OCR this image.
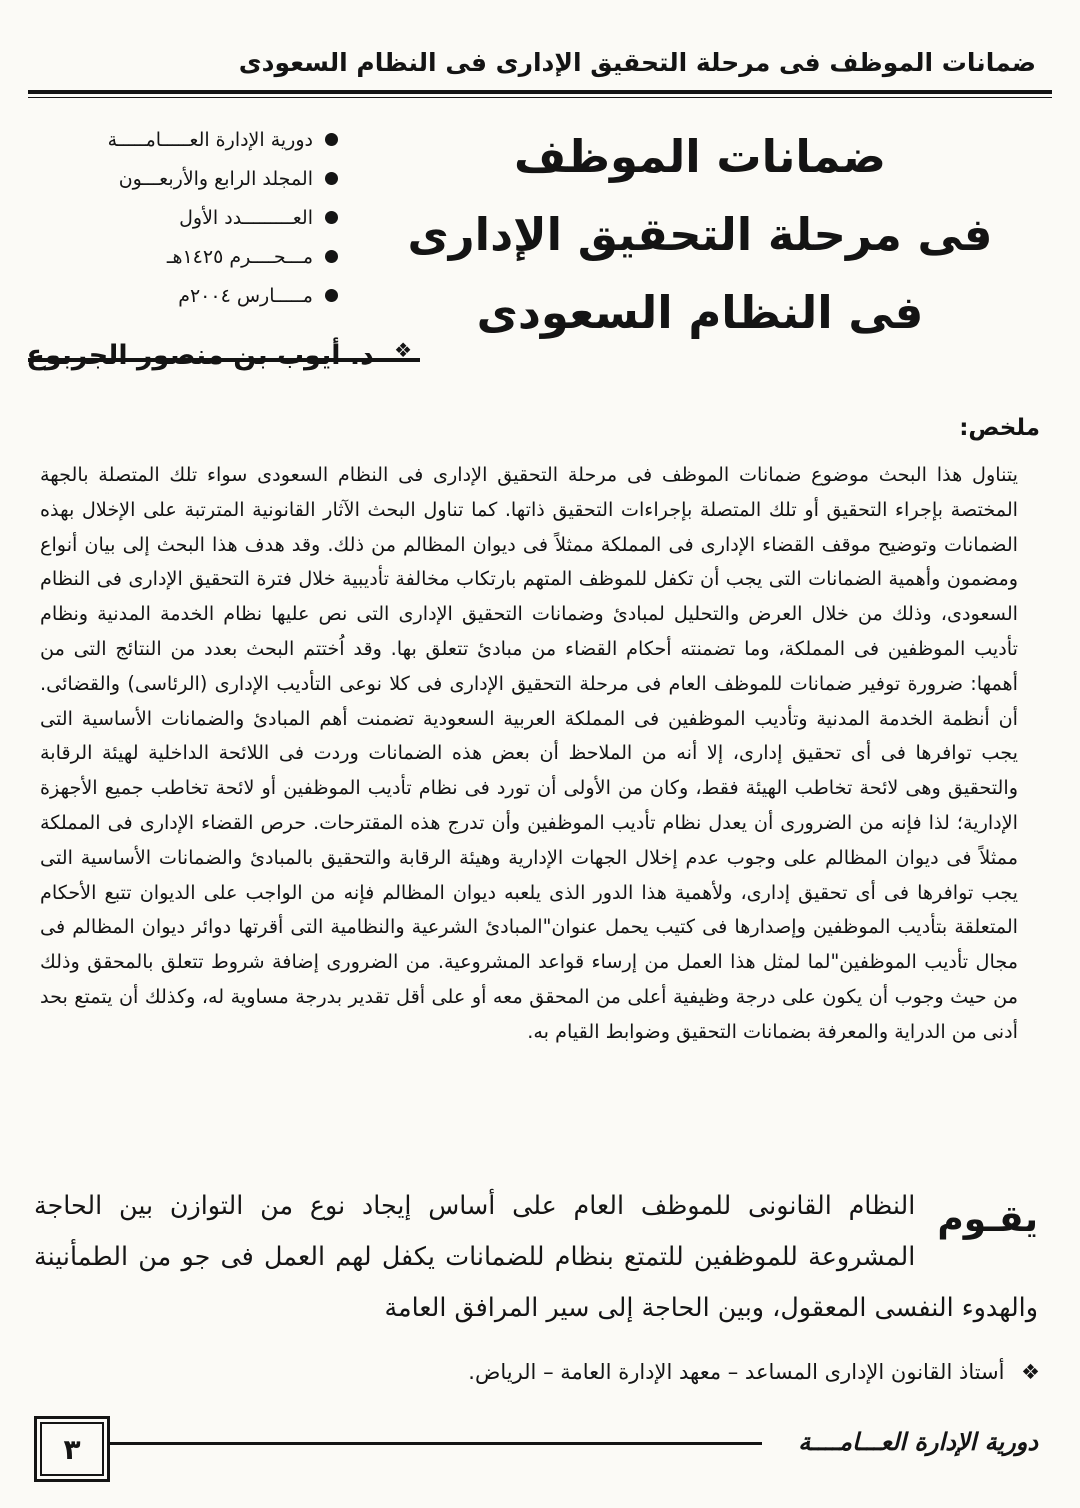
ضمانات الموظف فى مرحلة التحقيق الإدارى فى النظام السعودى
دورية الإدارة العـــــامـــــة
المجلد الرابع والأربعـــون
العـــــــــدد الأول
مـــحــــرم ١٤٢٥هـ
مـــــارس ٢٠٠٤م
ضمانات الموظف
فى مرحلة التحقيق الإدارى
فى النظام السعودى
❖
د. أيوب بن منصور الجربوع
ملخص:
يتناول هذا البحث موضوع ضمانات الموظف فى مرحلة التحقيق الإدارى فى النظام السعودى سواء تلك المتصلة بالجهة المختصة بإجراء التحقيق أو تلك المتصلة بإجراءات التحقيق ذاتها. كما تناول البحث الآثار القانونية المترتبة على الإخلال بهذه الضمانات وتوضيح موقف القضاء الإدارى فى المملكة ممثلاً فى ديوان المظالم من ذلك. وقد هدف هذا البحث إلى بيان أنواع ومضمون وأهمية الضمانات التى يجب أن تكفل للموظف المتهم بارتكاب مخالفة تأديبية خلال فترة التحقيق الإدارى فى النظام السعودى، وذلك من خلال العرض والتحليل لمبادئ وضمانات التحقيق الإدارى التى نص عليها نظام الخدمة المدنية ونظام تأديب الموظفين فى المملكة، وما تضمنته أحكام القضاء من مبادئ تتعلق بها. وقد اُختتم البحث بعدد من النتائج التى من أهمها: ضرورة توفير ضمانات للموظف العام فى مرحلة التحقيق الإدارى فى كلا نوعى التأديب الإدارى (الرئاسى) والقضائى. أن أنظمة الخدمة المدنية وتأديب الموظفين فى المملكة العربية السعودية تضمنت أهم المبادئ والضمانات الأساسية التى يجب توافرها فى أى تحقيق إدارى، إلا أنه من الملاحظ أن بعض هذه الضمانات وردت فى اللائحة الداخلية لهيئة الرقابة والتحقيق وهى لائحة تخاطب الهيئة فقط، وكان من الأولى أن تورد فى نظام تأديب الموظفين أو لائحة تخاطب جميع الأجهزة الإدارية؛ لذا فإنه من الضرورى أن يعدل نظام تأديب الموظفين وأن تدرج هذه المقترحات. حرص القضاء الإدارى فى المملكة ممثلاً فى ديوان المظالم على وجوب عدم إخلال الجهات الإدارية وهيئة الرقابة والتحقيق بالمبادئ والضمانات الأساسية التى يجب توافرها فى أى تحقيق إدارى، ولأهمية هذا الدور الذى يلعبه ديوان المظالم فإنه من الواجب على الديوان تتبع الأحكام المتعلقة بتأديب الموظفين وإصدارها فى كتيب يحمل عنوان"المبادئ الشرعية والنظامية التى أقرتها دوائر ديوان المظالم فى مجال تأديب الموظفين"لما لمثل هذا العمل من إرساء قواعد المشروعية. من الضرورى إضافة شروط تتعلق بالمحقق وذلك من حيث وجوب أن يكون على درجة وظيفية أعلى من المحقق معه أو على أقل تقدير بدرجة مساوية له، وكذلك أن يتمتع بحد أدنى من الدراية والمعرفة بضمانات التحقيق وضوابط القيام به.
يقـوم
النظام القانونى للموظف العام على أساس إيجاد نوع من التوازن بين الحاجة المشروعة للموظفين للتمتع بنظام للضمانات يكفل لهم العمل فى جو من الطمأنينة والهدوء النفسى المعقول، وبين الحاجة إلى سير المرافق العامة
❖ أستاذ القانون الإدارى المساعد – معهد الإدارة العامة – الرياض.
دورية الإدارة العـــامــــة
٣
